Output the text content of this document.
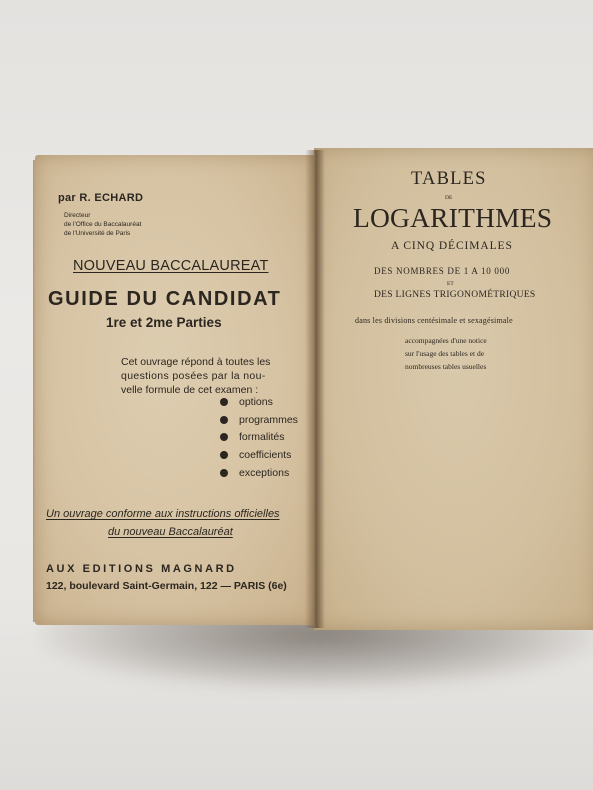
par R. ECHARD
Directeur
de l'Office du Baccalauréat
de l'Université de Paris
NOUVEAU BACCALAUREAT
GUIDE DU CANDIDAT
1re et 2me Parties
Cet ouvrage répond à toutes les
questions posées par la nou-
velle formule de cet examen :
options
programmes
formalités
coefficients
exceptions
Un ouvrage conforme aux instructions officielles
du nouveau Baccalauréat
AUX EDITIONS MAGNARD
122, boulevard Saint-Germain, 122 — PARIS (6e)
TABLES
DE
LOGARITHMES
A CINQ DÉCIMALES
DES NOMBRES DE 1 A 10 000
ET
DES LIGNES TRIGONOMÉTRIQUES
dans les divisions centésimale et sexagésimale
accompagnées d'une notice
sur l'usage des tables et de
nombreuses tables usuelles
